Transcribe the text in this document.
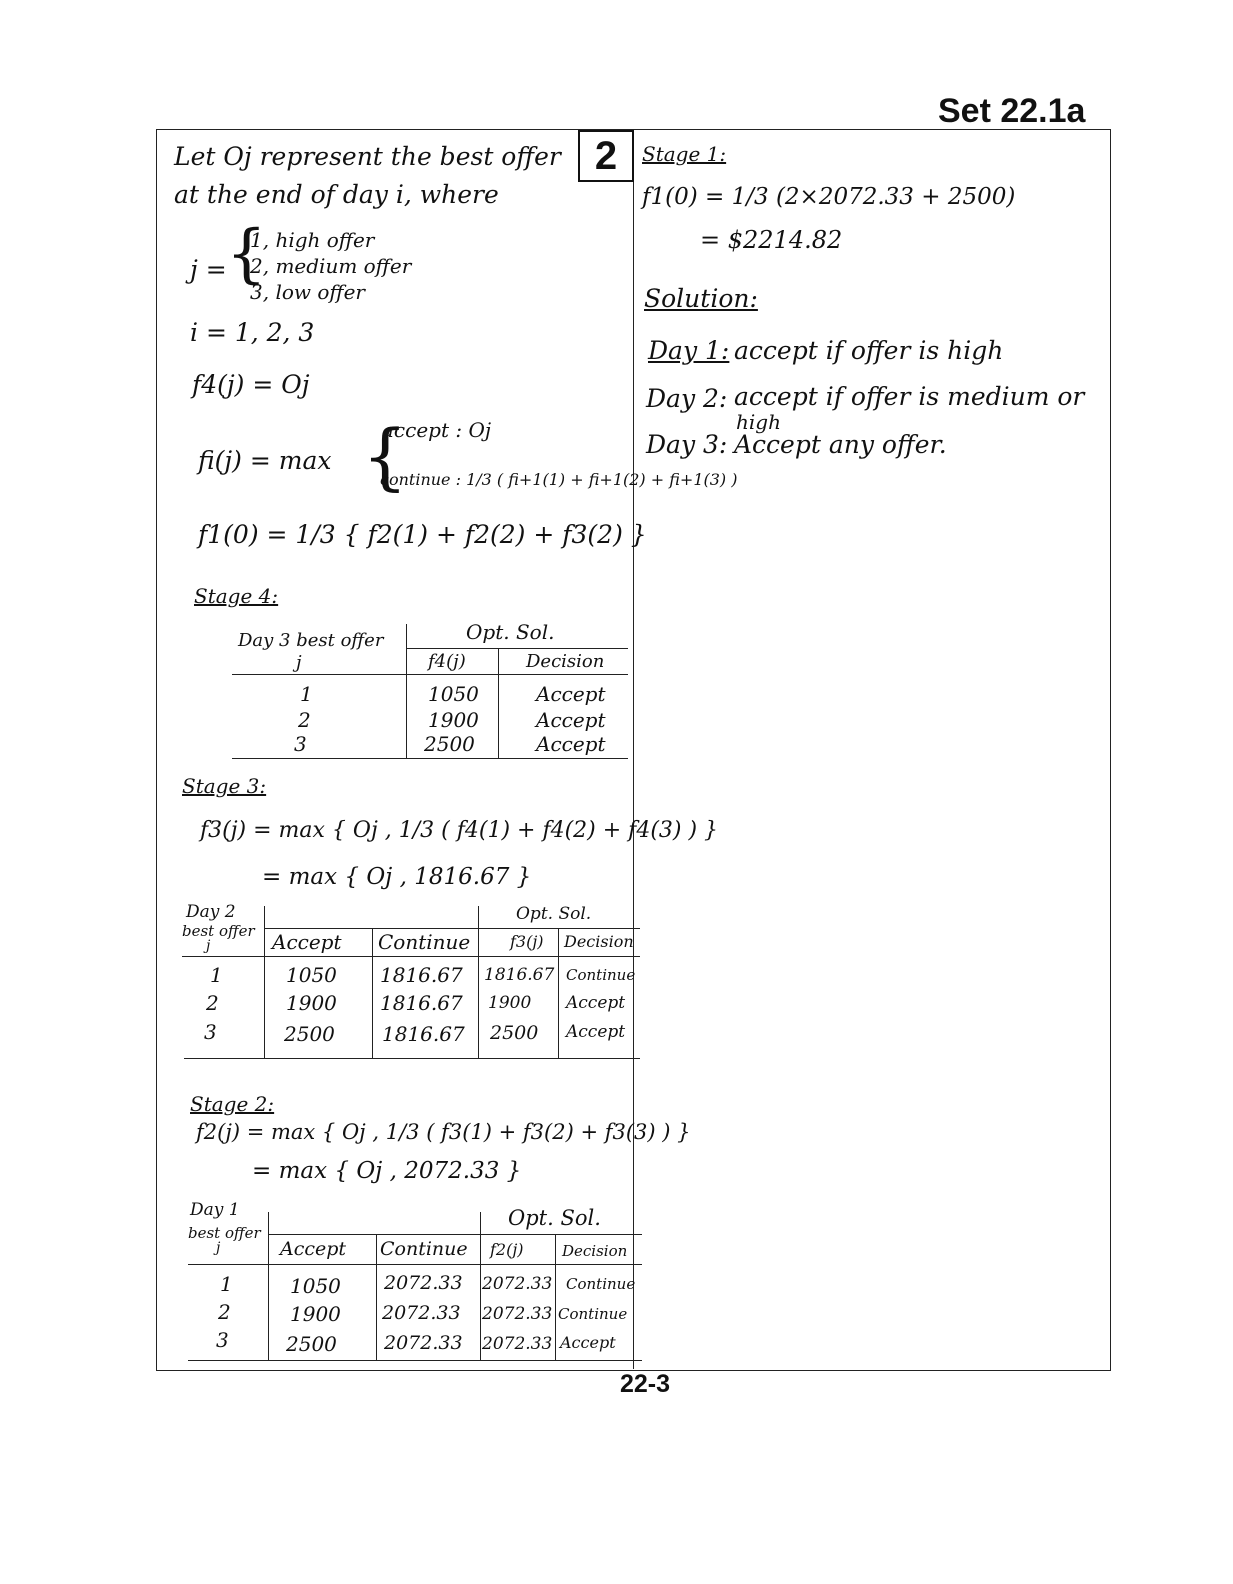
Set 22.1a
2
Let Oj represent the best offer
at the end of day i, where
j = {
1, high offer
2, medium offer
3, low offer
i = 1, 2, 3
f4(j) = Oj
fi(j) = max {
accept : Oj
continue : 1/3 ( fi+1(1) + fi+1(2) + fi+1(3) )
f1(0) = 1/3 { f2(1) + f2(2) + f3(2) }
Stage 4:
Day 3 best offer
j
Opt. Sol.
f4(j)	Decision
1	1050	Accept
2	1900	Accept
3	2500	Accept
Stage 3:
f3(j) = max { Oj , 1/3 ( f4(1) + f4(2) + f4(3) ) }
= max { Oj , 1816.67 }
Day 2
best offer
j
Opt. Sol.
Accept Continue f3(j) Decision
1	1050 1816.67 1816.67 Continue
2	1900 1816.67 1900 Accept
3	2500 1816.67 2500 Accept
Stage 2:
f2(j) = max { Oj , 1/3 ( f3(1) + f3(2) + f3(3) ) }
= max { Oj , 2072.33 }
Day 1
best offer
j
Opt. Sol.
Accept Continue f2(j)	Decision
1	1050 2072.33 2072.33 Continue
2	1900 2072.33 2072.33 Continue
3	2500 2072.33 2072.33 Accept
Stage 1:
f1(0) = 1/3 (2×2072.33 + 2500)
= $2214.82
Solution:
Day 1: accept if offer is high
Day 2: accept if offer is medium or
high
Day 3: Accept any offer.
22-3
